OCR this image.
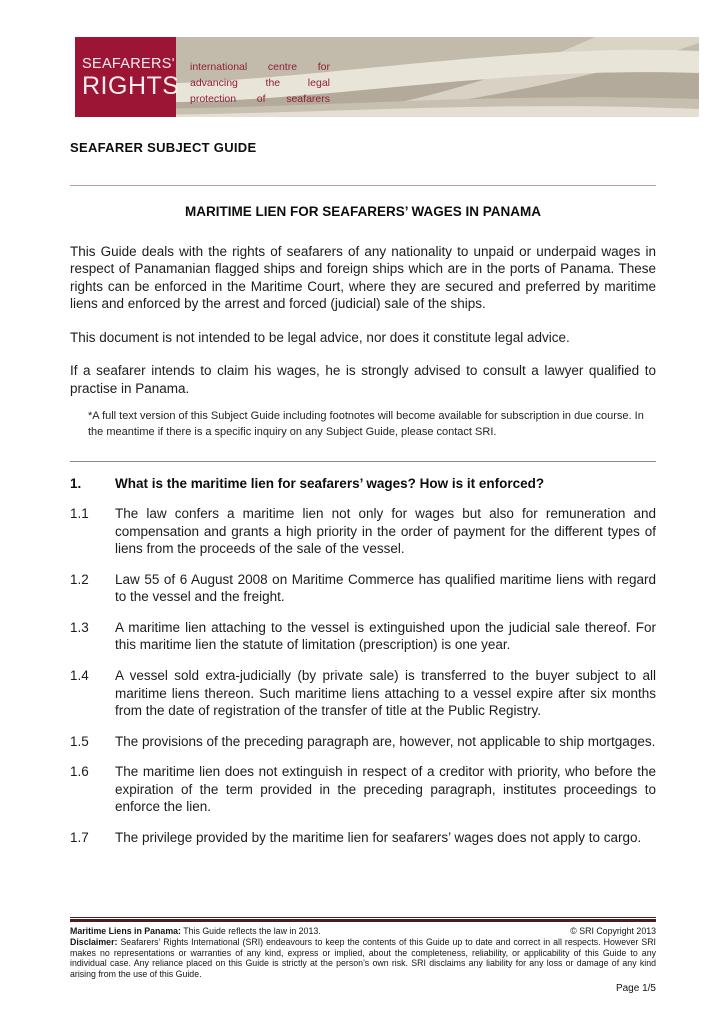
SEAFARERS'
RIGHTS
international centre for
advancing the legal
protection of seafarers
SEAFARER SUBJECT GUIDE
MARITIME LIEN FOR SEAFARERS’ WAGES IN PANAMA
This Guide deals with the rights of seafarers of any nationality to unpaid or underpaid wages in respect of Panamanian flagged ships and foreign ships which are in the ports of Panama. These rights can be enforced in the Maritime Court, where they are secured and preferred by maritime liens and enforced by the arrest and forced (judicial) sale of the ships.
This document is not intended to be legal advice, nor does it constitute legal advice.
If a seafarer intends to claim his wages, he is strongly advised to consult a lawyer qualified to practise in Panama.
*A full text version of this Subject Guide including footnotes will become available for subscription in due course. In the meantime if there is a specific inquiry on any Subject Guide, please contact SRI.
1.	What is the maritime lien for seafarers’ wages? How is it enforced?
1.1	The law confers a maritime lien not only for wages but also for remuneration and compensation and grants a high priority in the order of payment for the different types of liens from the proceeds of the sale of the vessel.
1.2	Law 55 of 6 August 2008 on Maritime Commerce has qualified maritime liens with regard to the vessel and the freight.
1.3	A maritime lien attaching to the vessel is extinguished upon the judicial sale thereof. For this maritime lien the statute of limitation (prescription) is one year.
1.4	A vessel sold extra-judicially (by private sale) is transferred to the buyer subject to all maritime liens thereon. Such maritime liens attaching to a vessel expire after six months from the date of registration of the transfer of title at the Public Registry.
1.5	The provisions of the preceding paragraph are, however, not applicable to ship mortgages.
1.6	The maritime lien does not extinguish in respect of a creditor with priority, who before the expiration of the term provided in the preceding paragraph, institutes proceedings to enforce the lien.
1.7	The privilege provided by the maritime lien for seafarers’ wages does not apply to cargo.
Maritime Liens in Panama: This Guide reflects the law in 2013.	© SRI Copyright 2013
Disclaimer: Seafarers’ Rights International (SRI) endeavours to keep the contents of this Guide up to date and correct in all respects. However SRI makes no representations or warranties of any kind, express or implied, about the completeness, reliability, or applicability of this Guide to any individual case. Any reliance placed on this Guide is strictly at the person’s own risk. SRI disclaims any liability for any loss or damage of any kind arising from the use of this Guide.
Page 1/5
